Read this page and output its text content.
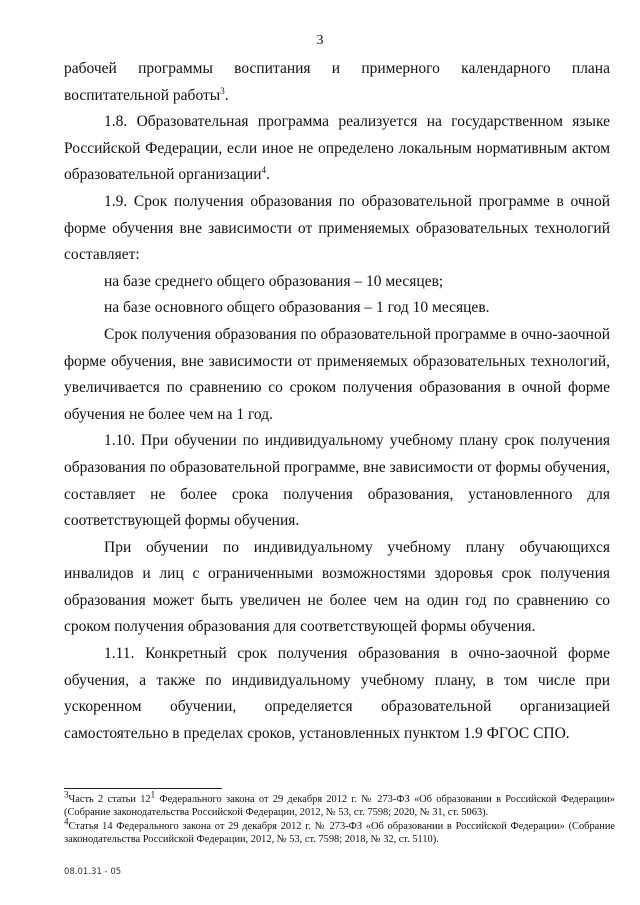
3

рабочей программы воспитания и примерного календарного плана воспитательной работы$^3$.

1.8. Образовательная программа реализуется на государственном языке Российской Федерации, если иное не определено локальным нормативным актом образовательной организации$^4$.

1.9. Срок получения образования по образовательной программе в очной форме обучения вне зависимости от применяемых образовательных технологий составляет:

на базе среднего общего образования – 10 месяцев;

на базе основного общего образования – 1 год 10 месяцев.

Срок получения образования по образовательной программе в очно-заочной форме обучения, вне зависимости от применяемых образовательных технологий, увеличивается по сравнению со сроком получения образования в очной форме обучения не более чем на 1 год.

1.10. При обучении по индивидуальному учебному плану срок получения образования по образовательной программе, вне зависимости от формы обучения, составляет не более срока получения образования, установленного для соответствующей формы обучения.

При обучении по индивидуальному учебному плану обучающихся инвалидов и лиц с ограниченными возможностями здоровья срок получения образования может быть увеличен не более чем на один год по сравнению со сроком получения образования для соответствующей формы обучения.

1.11. Конкретный срок получения образования в очно-заочной форме обучения, а также по индивидуальному учебному плану, в том числе при ускоренном обучении, определяется образовательной организацией самостоятельно в пределах сроков, установленных пунктом 1.9 ФГОС СПО.

$^3$Часть 2 статьи $12^1$ Федерального закона от 29 декабря 2012 г. № 273-ФЗ «Об образовании в Российской Федерации» (Собрание законодательства Российской Федерации, 2012, № 53, ст. 7598; 2020, № 31, ст. 5063).

$^4$Статья 14 Федерального закона от 29 декабря 2012 г. № 273-ФЗ «Об образовании в Российской Федерации» (Собрание законодательства Российской Федерации, 2012, № 53, ст. 7598; 2018, № 32, ст. 5110).

08.01.31 - 05
